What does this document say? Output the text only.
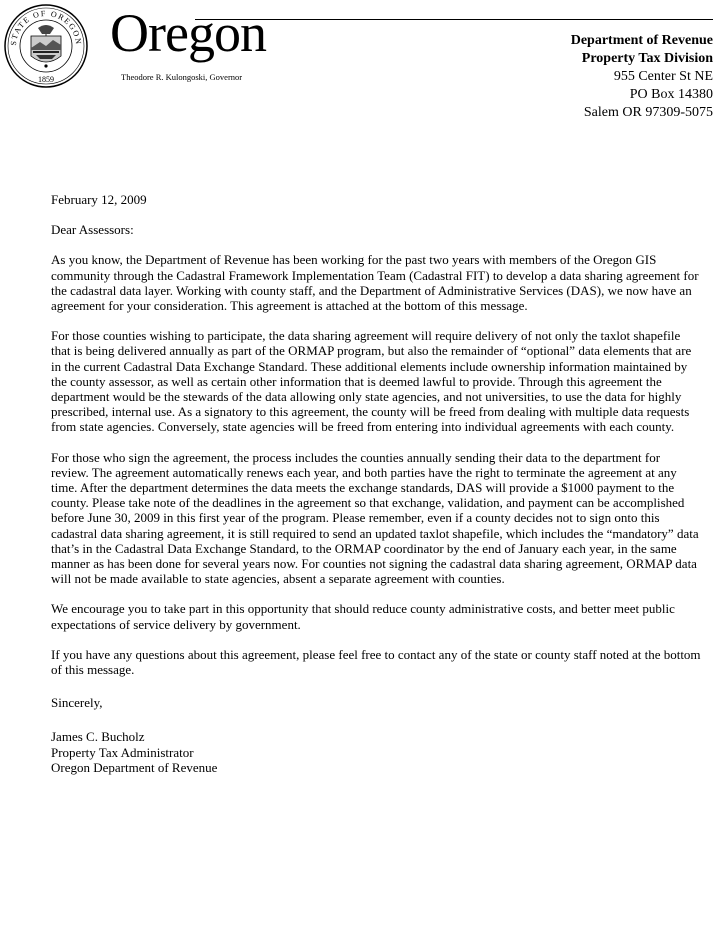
STATE OF OREGON
1859
Oregon
Theodore R. Kulongoski, Governor
Department of Revenue
Property Tax Division
955 Center St NE
PO Box 14380
Salem OR 97309-5075

February 12, 2009

Dear Assessors:

As you know, the Department of Revenue has been working for the past two years with members of the Oregon GIS community through the Cadastral Framework Implementation Team (Cadastral FIT) to develop a data sharing agreement for the cadastral data layer. Working with county staff, and the Department of Administrative Services (DAS), we now have an agreement for your consideration. This agreement is attached at the bottom of this message.

For those counties wishing to participate, the data sharing agreement will require delivery of not only the taxlot shapefile that is being delivered annually as part of the ORMAP program, but also the remainder of “optional” data elements that are in the current Cadastral Data Exchange Standard. These additional elements include ownership information maintained by the county assessor, as well as certain other information that is deemed lawful to provide. Through this agreement the department would be the stewards of the data allowing only state agencies, and not universities, to use the data for highly prescribed, internal use. As a signatory to this agreement, the county will be freed from dealing with multiple data requests from state agencies. Conversely, state agencies will be freed from entering into individual agreements with each county.

For those who sign the agreement, the process includes the counties annually sending their data to the department for review. The agreement automatically renews each year, and both parties have the right to terminate the agreement at any time. After the department determines the data meets the exchange standards, DAS will provide a $1000 payment to the county. Please take note of the deadlines in the agreement so that exchange, validation, and payment can be accomplished before June 30, 2009 in this first year of the program. Please remember, even if a county decides not to sign onto this cadastral data sharing agreement, it is still required to send an updated taxlot shapefile, which includes the “mandatory” data that’s in the Cadastral Data Exchange Standard, to the ORMAP coordinator by the end of January each year, in the same manner as has been done for several years now. For counties not signing the cadastral data sharing agreement, ORMAP data will not be made available to state agencies, absent a separate agreement with counties.

We encourage you to take part in this opportunity that should reduce county administrative costs, and better meet public expectations of service delivery by government.

If you have any questions about this agreement, please feel free to contact any of the state or county staff noted at the bottom of this message.

Sincerely,

James C. Bucholz

Property Tax Administrator

Oregon Department of Revenue
